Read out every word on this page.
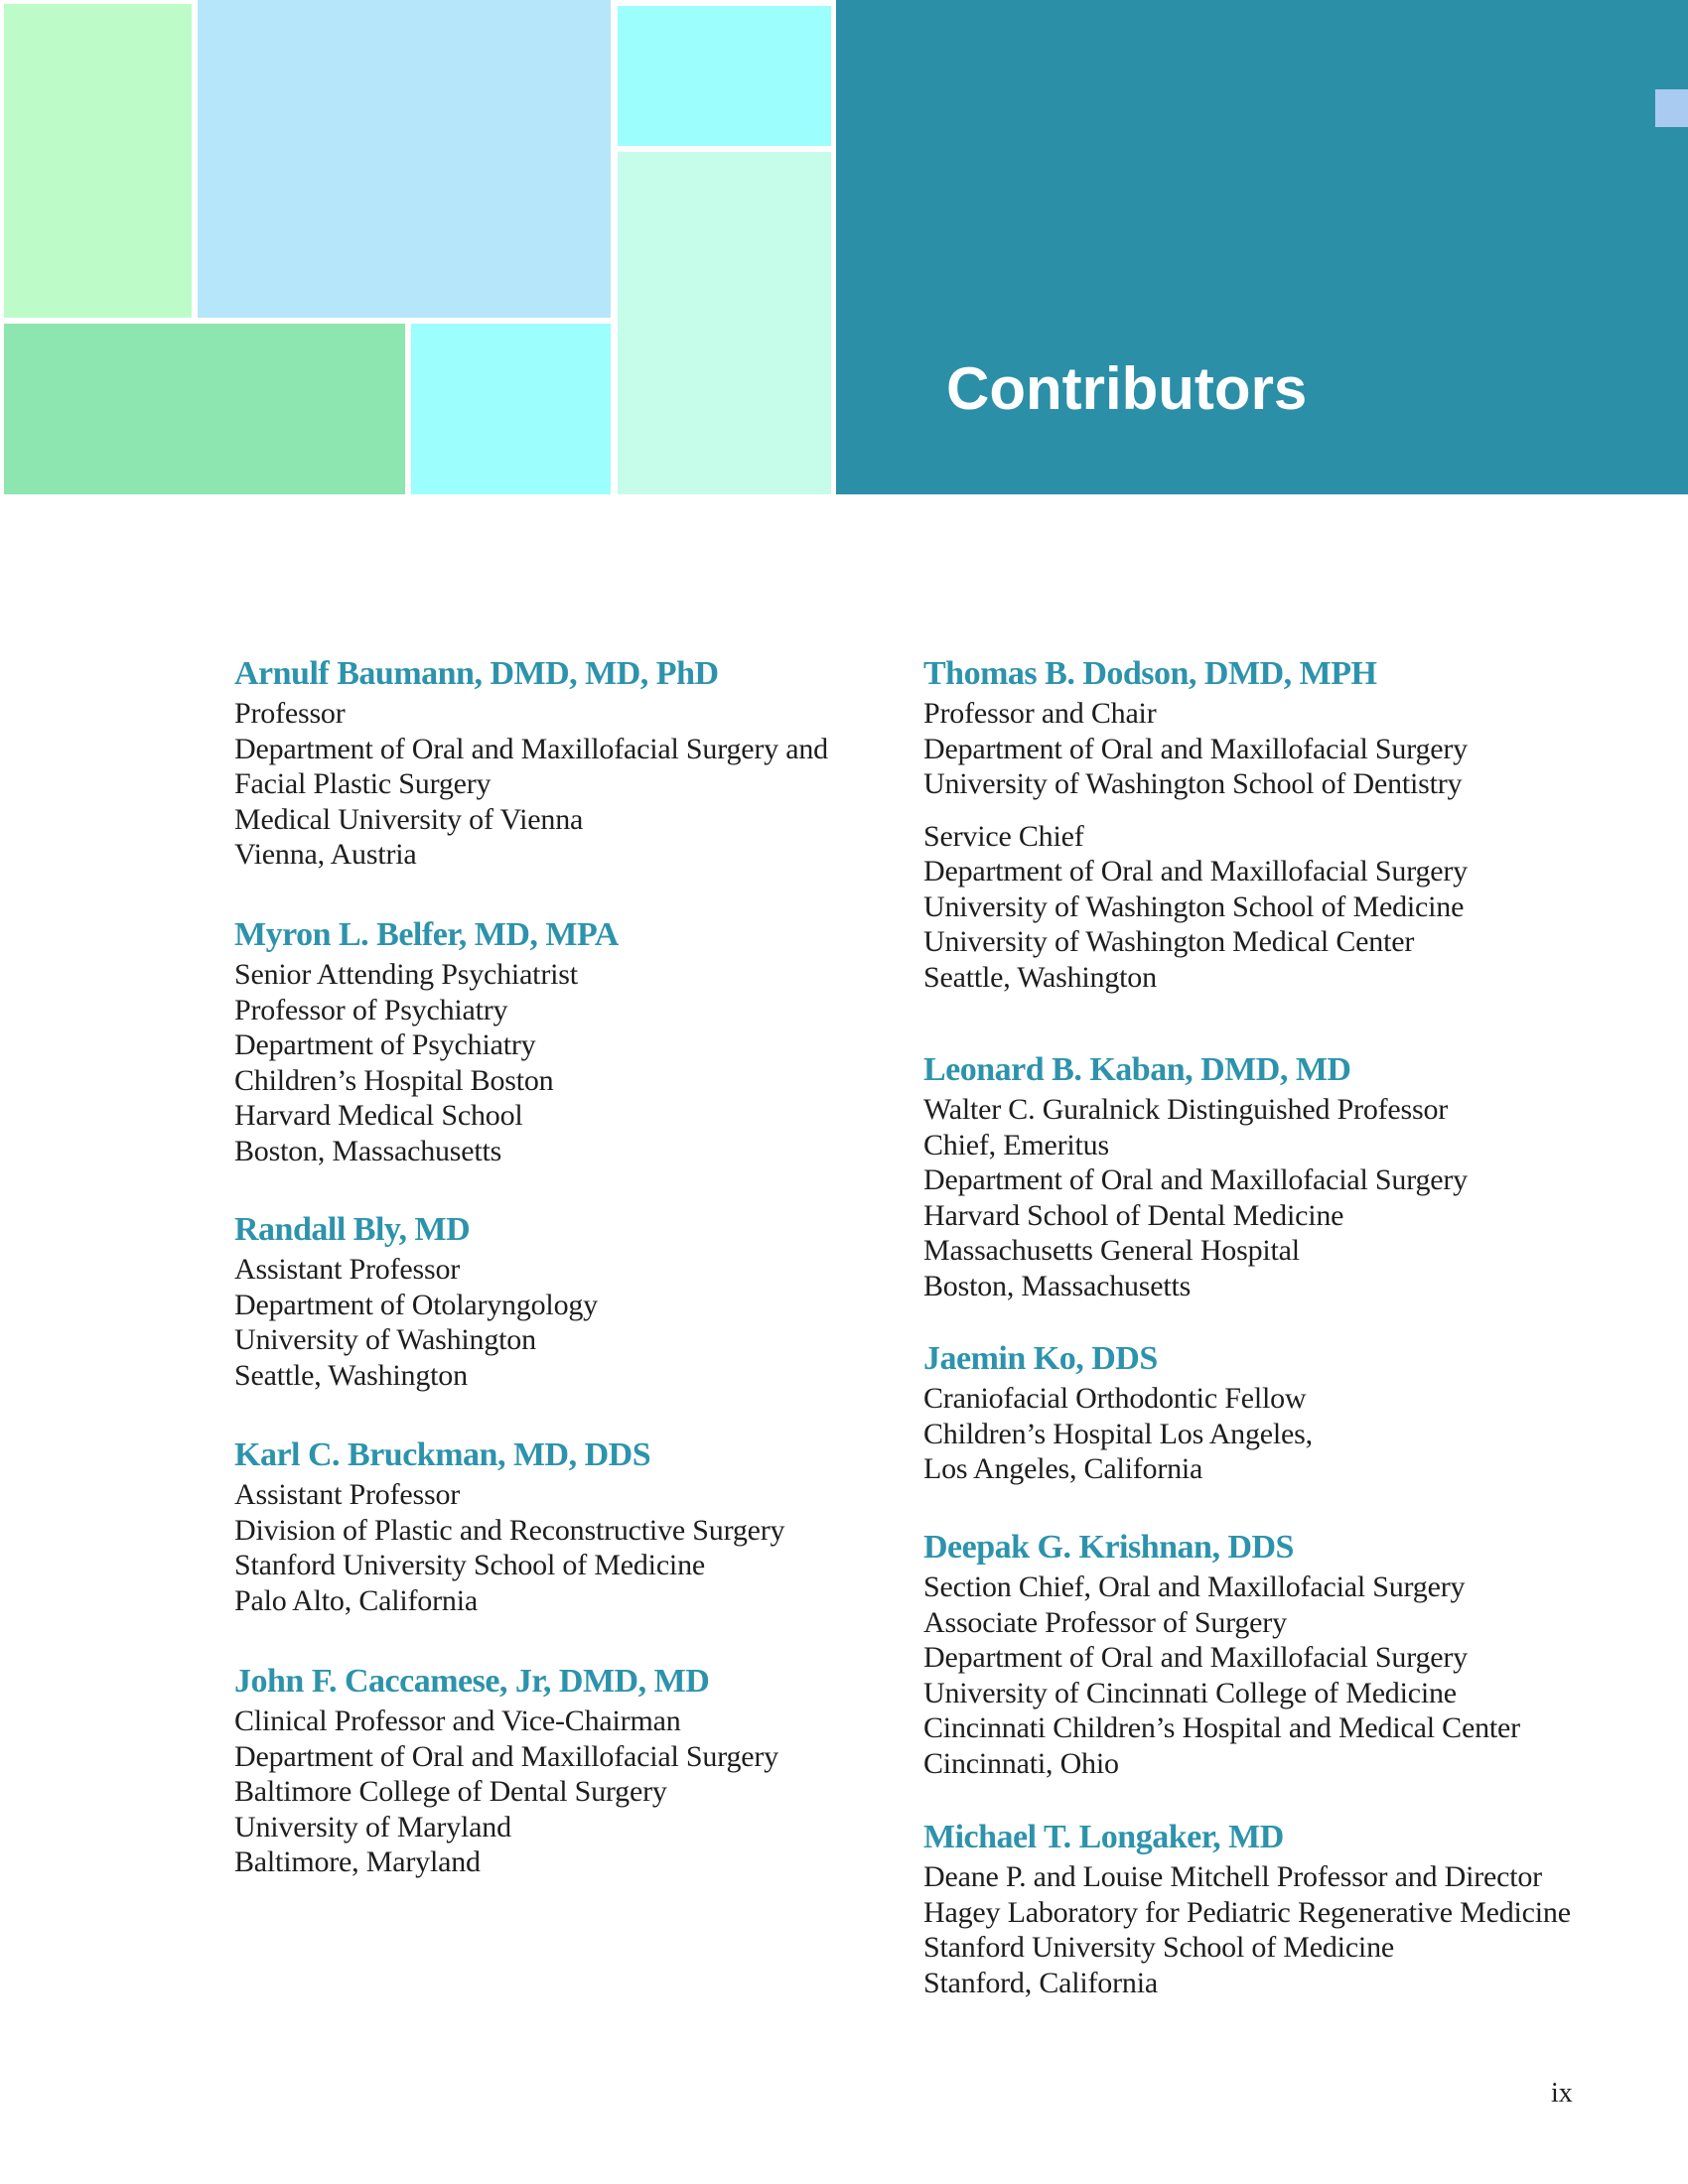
Contributors
Arnulf Baumann, DMD, MD, PhD
Professor
Department of Oral and Maxillofacial Surgery and
Facial Plastic Surgery
Medical University of Vienna
Vienna, Austria
Myron L. Belfer, MD, MPA
Senior Attending Psychiatrist
Professor of Psychiatry
Department of Psychiatry
Children’s Hospital Boston
Harvard Medical School
Boston, Massachusetts
Randall Bly, MD
Assistant Professor
Department of Otolaryngology
University of Washington
Seattle, Washington
Karl C. Bruckman, MD, DDS
Assistant Professor
Division of Plastic and Reconstructive Surgery
Stanford University School of Medicine
Palo Alto, California
John F. Caccamese, Jr, DMD, MD
Clinical Professor and Vice-Chairman
Department of Oral and Maxillofacial Surgery
Baltimore College of Dental Surgery
University of Maryland
Baltimore, Maryland
Thomas B. Dodson, DMD, MPH
Professor and Chair
Department of Oral and Maxillofacial Surgery
University of Washington School of Dentistry
Service Chief
Department of Oral and Maxillofacial Surgery
University of Washington School of Medicine
University of Washington Medical Center
Seattle, Washington
Leonard B. Kaban, DMD, MD
Walter C. Guralnick Distinguished Professor
Chief, Emeritus
Department of Oral and Maxillofacial Surgery
Harvard School of Dental Medicine
Massachusetts General Hospital
Boston, Massachusetts
Jaemin Ko, DDS
Craniofacial Orthodontic Fellow
Children’s Hospital Los Angeles,
Los Angeles, California
Deepak G. Krishnan, DDS
Section Chief, Oral and Maxillofacial Surgery
Associate Professor of Surgery
Department of Oral and Maxillofacial Surgery
University of Cincinnati College of Medicine
Cincinnati Children’s Hospital and Medical Center
Cincinnati, Ohio
Michael T. Longaker, MD
Deane P. and Louise Mitchell Professor and Director
Hagey Laboratory for Pediatric Regenerative Medicine
Stanford University School of Medicine
Stanford, California
ix
